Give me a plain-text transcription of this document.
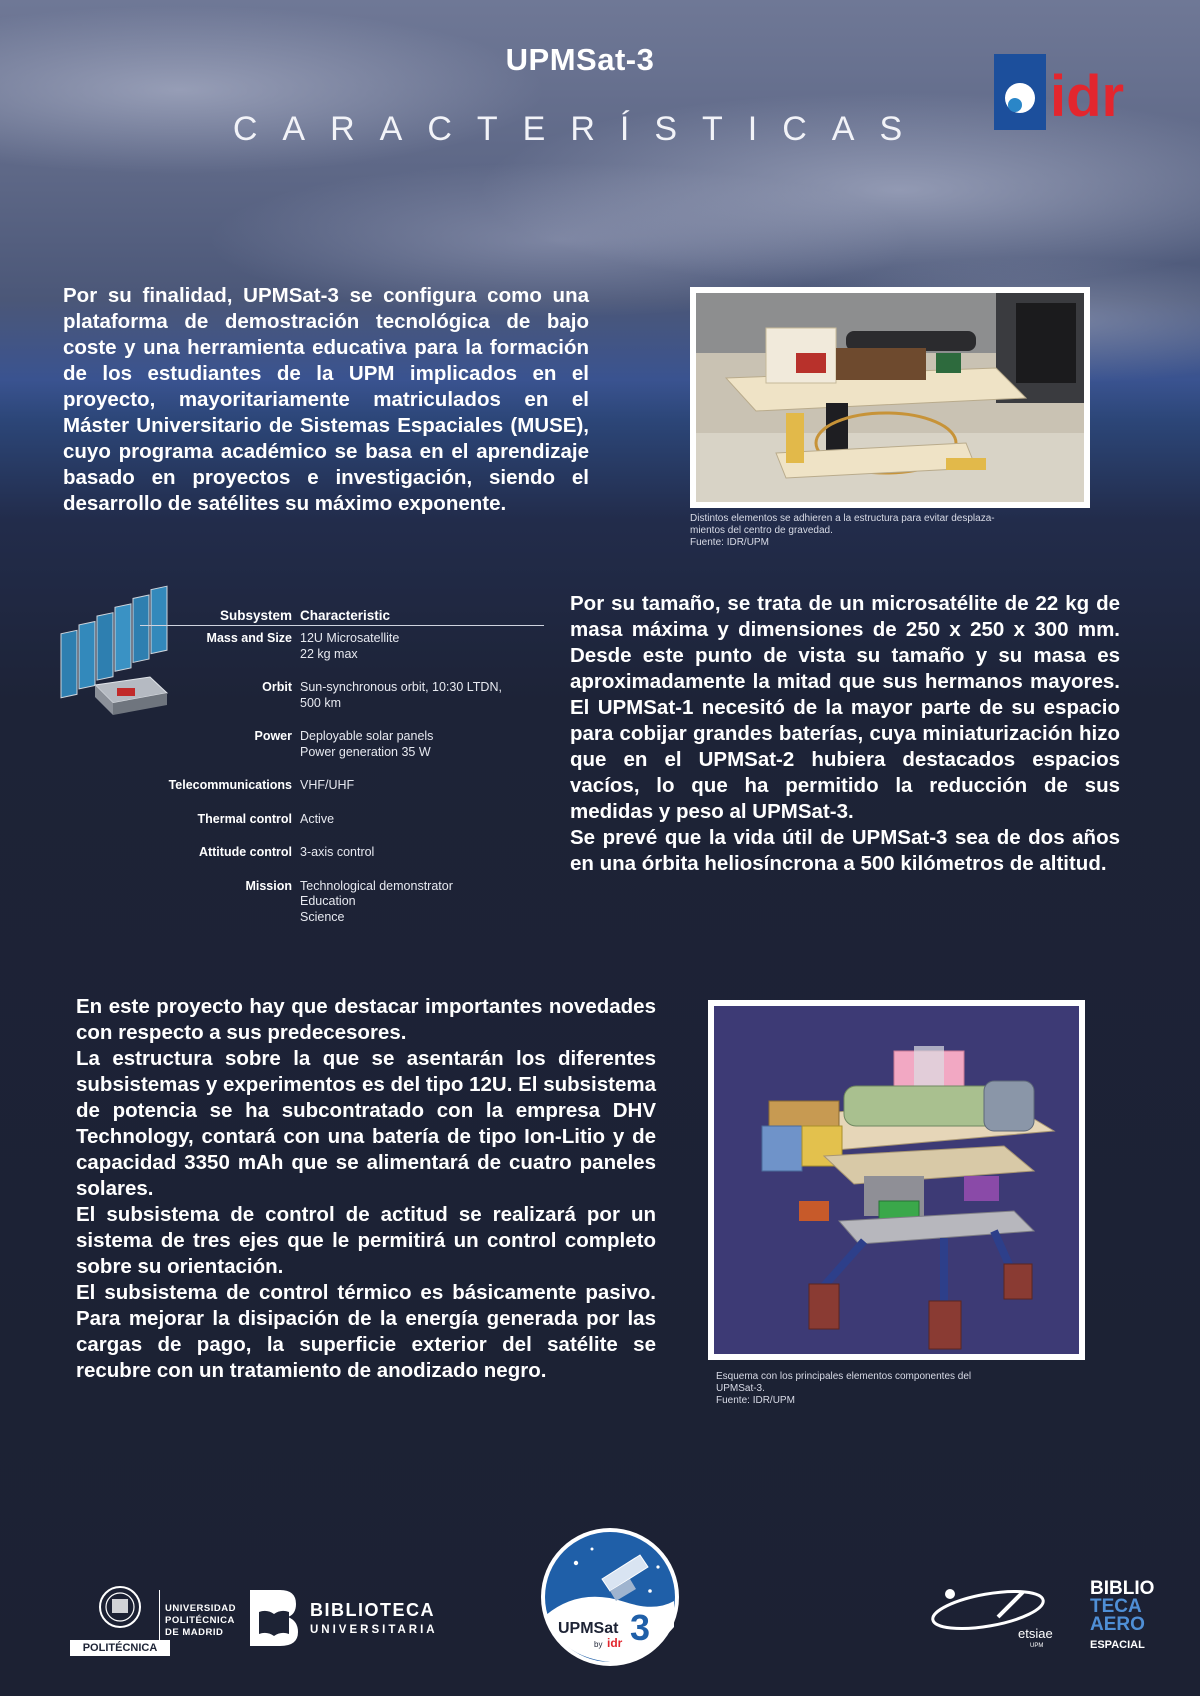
UPMSat-3
CARACTERÍSTICAS	idr
Por su finalidad, UPMSat-3 se configura como una plataforma de demostración tecnológica de bajo coste y una herramienta educativa para la formación de los estudiantes de la UPM implicados en el proyecto, mayoritariamente matriculados en el Máster Universitario de Sistemas Espaciales (MUSE), cuyo programa académico se basa en el aprendizaje basado en proyectos e investigación, siendo el desarrollo de satélites su máximo exponente.
Distintos elementos se adhieren a la estructura para evitar desplaza-
mientos del centro de gravedad.
Fuente: IDR/UPM
Subsystem	Characteristic
Mass and Size	12U Microsatellite
22 kg max

Orbit	Sun-synchronous orbit, 10:30 LTDN,
500 km

Power	Deployable solar panels
Power generation 35 W

Telecommunications	VHF/UHF

Thermal control	Active

Attitude control	3-axis control

Mission	Technological demonstrator
Education
Science
Por su tamaño, se trata de un microsatélite de 22 kg de masa máxima y dimensiones de 250 x 250 x 300 mm. Desde este punto de vista su tamaño y su masa es aproximadamente la mitad que sus hermanos mayores. El UPMSat-1 necesitó de la mayor parte de su espacio para cobijar grandes baterías, cuya miniaturización hizo que en el UPMSat-2 hubiera destacados espacios vacíos, lo que ha permitido la reducción de sus medidas y peso al UPMSat-3.
Se prevé que la vida útil de UPMSat-3 sea de dos años en una órbita heliosíncrona a 500 kilómetros de altitud.
En este proyecto hay que destacar importantes novedades con respecto a sus predecesores.
La estructura sobre la que se asentarán los diferentes subsistemas y experimentos es del tipo 12U. El subsistema de potencia se ha subcontratado con la empresa DHV Technology, contará con una batería de tipo Ion-Litio y de capacidad 3350 mAh que se alimentará de cuatro paneles solares.
El subsistema de control de actitud se realizará por un sistema de tres ejes que le permitirá un control completo sobre su orientación.
El subsistema de control térmico es básicamente pasivo. Para mejorar la disipación de la energía generada por las cargas de pago, la superficie exterior del satélite se recubre con un tratamiento de anodizado negro.	Esquema con los principales elementos componentes del
UPMSat-3.
Fuente: IDR/UPM
POLITÉCNICA
UNIVERSIDAD
POLITÉCNICA
DE MADRID
BIBLIOTECA
UNIVERSITARIA	UPMSat 3
by idr
etsiae
UPM
BIBLIO
TECA
AERO
ESPACIAL
